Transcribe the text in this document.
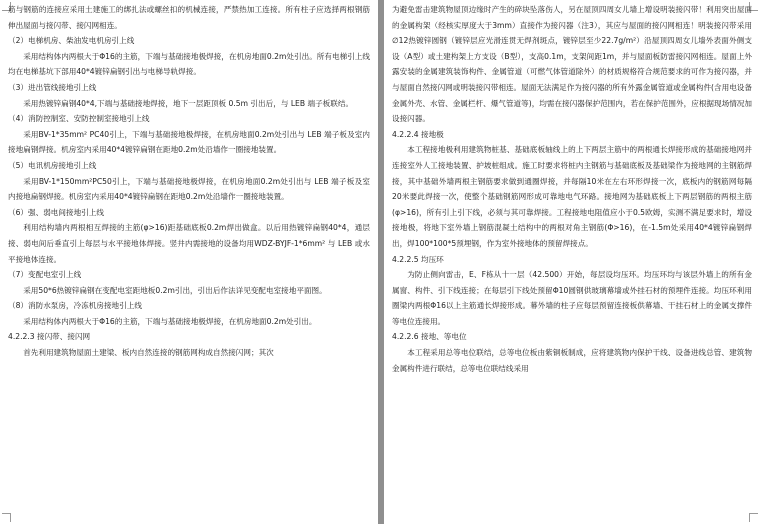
筋与钢筋的连接应采用土建施工的绑扎法或螺丝扣的机械连接，严禁热加工连接。所有柱子应选择两根钢筋伸出屋面与接闪带、接闪网相连。

（2）电梯机房、柴油发电机房引上线

采用结构体内两根大于Φ16的主筋，下端与基础接地极焊接，在机房地面0.2m处引出。所有电梯引上线均在电梯基坑下部用40*4镀锌扁钢引出与电梯导轨焊接。

（3）进出管线接地引上线

采用热镀锌扁钢40*4,下端与基础接地焊接，地下一层距顶板 0.5m 引出后，与 LEB 端子板联结。

（4）消防控制室、安防控制室接地引上线

采用BV-1*35mm² PC40引上，下端与基础接地极焊接，在机房地面0.2m处引出与 LEB 端子板及室内接地扁钢焊接。机房室内采用40*4镀锌扁钢在距地0.2m处沿墙作一圈接地装置。

（5）电讯机房接地引上线

采用BV-1*150mm²PC50引上，下端与基础接地极焊接，在机房地面0.2m处引出与 LEB 端子板及室内接地扁钢焊接。机房室内采用40*4镀锌扁钢在距地0.2m处沿墙作一圈接地装置。

（6）强、弱电间接地引上线

利用结构墙内两根相互焊接的主筋(φ>16)距基础底板0.2m焊出做盒。以后用热镀锌扁钢40*4，通层接、弱电间后垂直引上每层与水平接地体焊接。竖井内需接地的设备均用WDZ-BYJF-1*6mm² 与 LEB 或水平接地体连接。

（7）变配电室引上线

采用50*6热镀锌扁钢在变配电室距地板0.2m引出，引出后作法详见变配电室接地平面图。

（8）消防水泵房，冷冻机房接地引上线

采用结构体内两根大于Φ16的主筋，下端与基础接地极焊接，在机房地面0.2m处引出。

4.2.2.3 接闪带、接闪网

首先利用建筑物屋面土建梁、板内自然连接的钢筋网构成自然接闪网；其次

为避免雷击建筑物屋顶边缘时产生的碎块坠落伤人，另在屋顶四周女儿墙上增设明装接闪带！利用突出屋面的金属构架（经核实厚度大于3mm）直接作为接闪器（注3），其应与屋面的接闪网相连！明装接闪带采用∅12热镀锌圆钢（镀锌层应光滑连贯无焊剂斑点，镀锌层至少22.7g/m²）沿屋顶四周女儿墙外表面外侧支设（A型）或土建构架上方支设（B型），支高0.1m，支架间距1m，并与屋面板防雷接闪网相连。屋面上外露安装的金属建筑装饰构件、金属管道（可燃气体管道除外）的材质规格符合规范要求的可作为接闪器，并与屋面自然接闪网或明装接闪带相连。屋面无法满足作为接闪器的所有外露金属管道或金属构件(含用电设备金属外壳、水管、金属栏杆、爆气管道等)，均需在接闪器保护范围内，若在保护范围外，应根据现场情况加设接闪器。

4.2.2.4 接地极

本工程接地极利用建筑物桩基、基础底板轴线上的上下两层主筋中的两根通长焊接形成的基础接地网并连接室外人工接地装置、护坡桩组成。施工时要求将桩内主钢筋与基础底板及基础梁作为接地网的主钢筋焊接，其中基础外墙两根主钢筋要求做到通圈焊接，并每隔10米在左右环形焊接一次，底板内的钢筋网每隔20米要此焊接一次，使整个基础钢筋网形成可靠地电气环路。接地网为基础底板上下两层钢筋的两根主筋(φ>16)，所有引上引下线，必须与其可靠焊接。工程接地电阻值应小于0.5欧姆，实测不满足要求时，增设接地极，将地下室外墙上钢筋混凝土结构中的两根对角主钢筋(Φ>16)，在-1.5m处采用40*4镀锌扁钢焊出，焊100*100*5预埋钢，作为室外接地体的预留焊接点。

4.2.2.5 均压环

为防止侧向雷击，E、F栋从十一层（42.500）开始，每层设均压环。均压环均与该层外墙上的所有金属窗、构件、引下线连接；在每层引下线处预留Φ10圆钢供玻璃幕墙或外挂石材的预埋件连接。均压环利用圈梁内两根Φ16以上主筋通长焊接形成。幕外墙的柱子应每层预留连接板供幕墙、干挂石材上的金属支撑件等电位连接用。

4.2.2.6 接地、等电位

本工程采用总等电位联结，总等电位板由紫铜板制成，应将建筑物内保护干线、设备进线总管、建筑物金属构件进行联结，总等电位联结线采用
